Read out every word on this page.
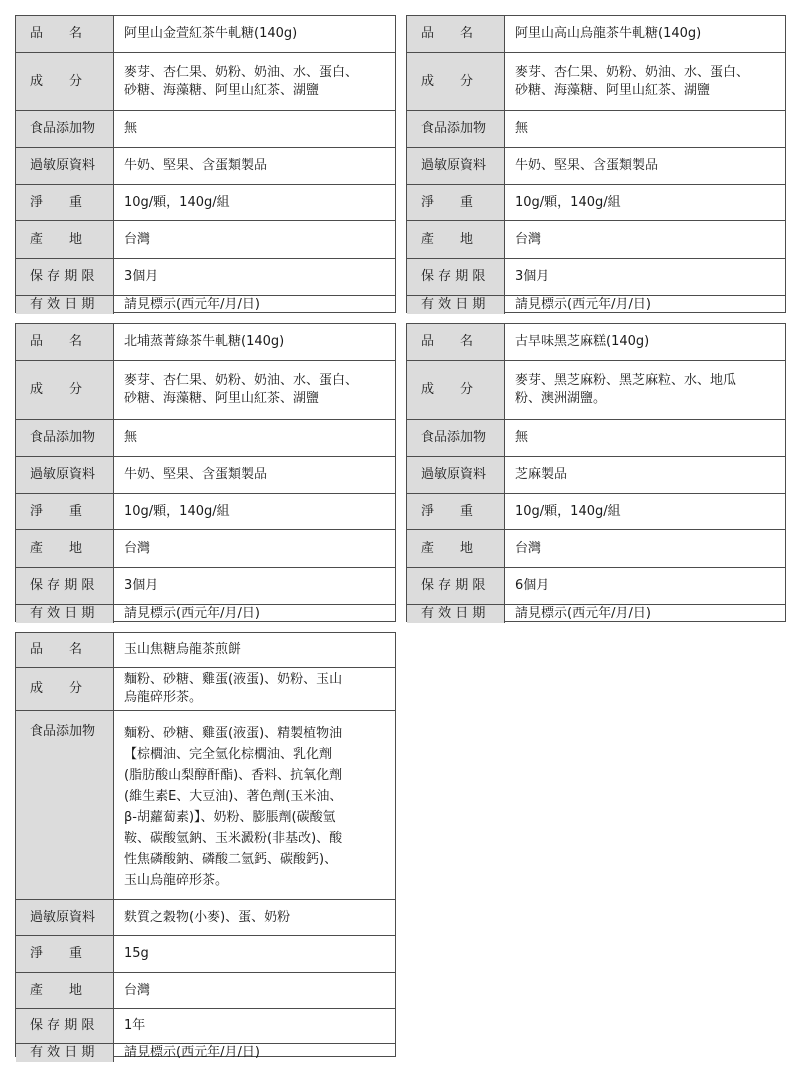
品　　名	阿里山金萱紅茶牛軋糖(140g)
成　　分
麥芽、杏仁果、奶粉、奶油、水、蛋白、
砂糖、海藻糖、阿里山紅茶、湖鹽
食品添加物	無
過敏原資料	牛奶、堅果、含蛋類製品
淨　　重	10g/顆，140g/組
產　　地	台灣
保 存 期 限	3個月
有 效 日 期	請見標示(西元年/月/日)
品　　名	阿里山高山烏龍茶牛軋糖(140g)
成　　分
麥芽、杏仁果、奶粉、奶油、水、蛋白、
砂糖、海藻糖、阿里山紅茶、湖鹽
食品添加物	無
過敏原資料	牛奶、堅果、含蛋類製品
淨　　重	10g/顆，140g/組
產　　地	台灣
保 存 期 限	3個月
有 效 日 期	請見標示(西元年/月/日)
品　　名	北埔蒸菁綠茶牛軋糖(140g)
成　　分
麥芽、杏仁果、奶粉、奶油、水、蛋白、
砂糖、海藻糖、阿里山紅茶、湖鹽
食品添加物	無
過敏原資料	牛奶、堅果、含蛋類製品
淨　　重	10g/顆，140g/組
產　　地	台灣
保 存 期 限	3個月
有 效 日 期	請見標示(西元年/月/日)
品　　名	古早味黑芝麻糕(140g)
成　　分
麥芽、黑芝麻粉、黑芝麻粒、水、地瓜
粉、澳洲湖鹽。
食品添加物	無
過敏原資料	芝麻製品
淨　　重	10g/顆，140g/組
產　　地	台灣
保 存 期 限	6個月
有 效 日 期	請見標示(西元年/月/日)
品　　名	玉山焦糖烏龍茶煎餅
成　　分
麵粉、砂糖、雞蛋(液蛋)、奶粉、玉山
烏龍碎形茶。
食品添加物	麵粉、砂糖、雞蛋(液蛋)、精製植物油
【棕櫚油、完全氫化棕櫚油、乳化劑
(脂肪酸山梨醇酐酯)、香料、抗氧化劑
(維生素E、大豆油)、著色劑(玉米油、
β-胡蘿蔔素)】、奶粉、膨脹劑(碳酸氫
鞍、碳酸氫鈉、玉米澱粉(非基改)、酸
性焦磷酸鈉、磷酸二氫鈣、碳酸鈣)、
玉山烏龍碎形茶。
過敏原資料	麩質之穀物(小麥)、蛋、奶粉
淨　　重	15g
產　　地	台灣
保 存 期 限	1年
有 效 日 期	請見標示(西元年/月/日)
